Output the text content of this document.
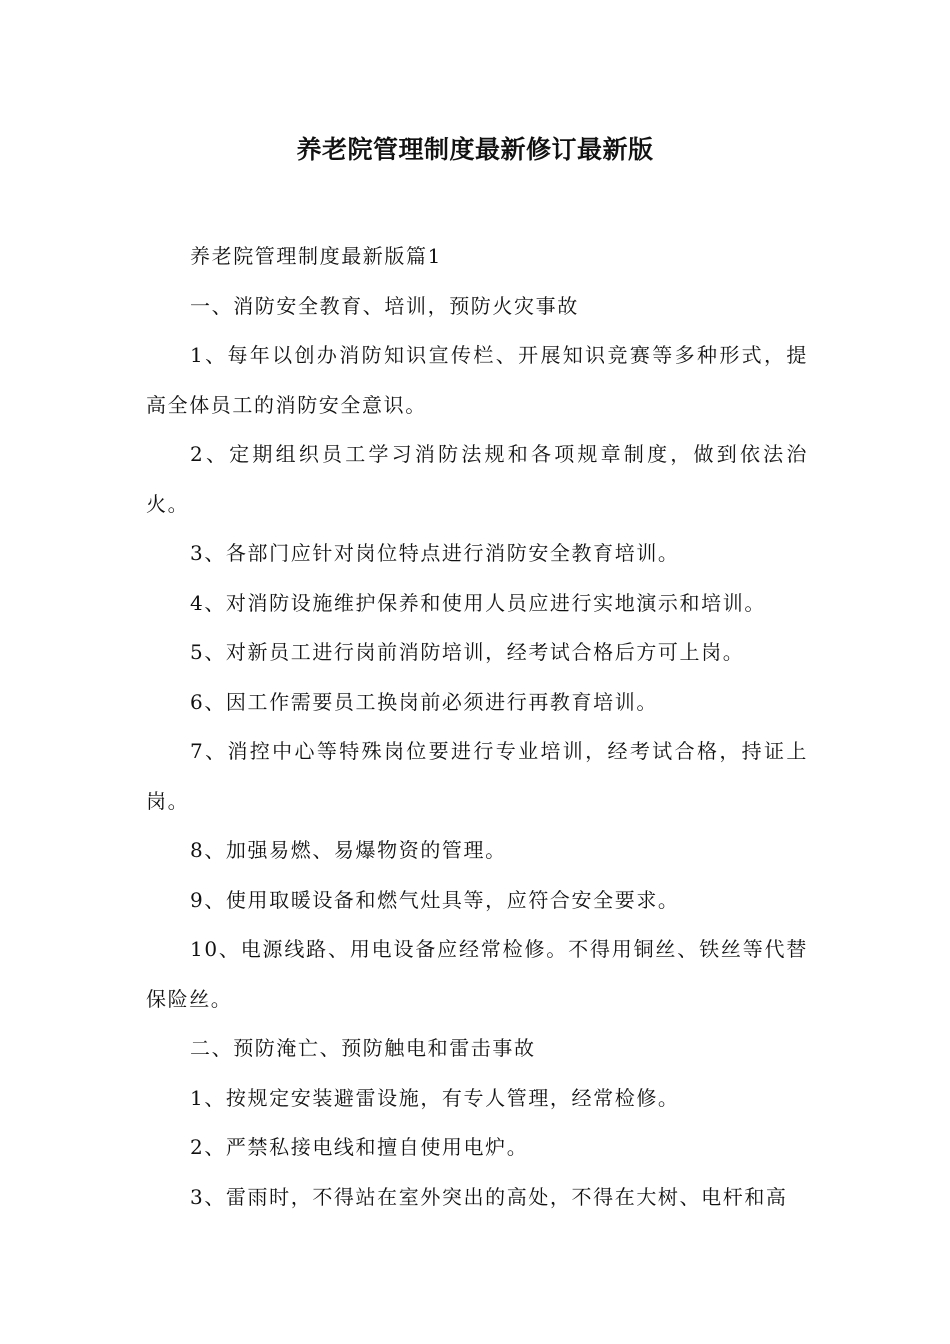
养老院管理制度最新修订最新版

养老院管理制度最新版篇1

一、消防安全教育、培训，预防火灾事故

1、每年以创办消防知识宣传栏、开展知识竞赛等多种形式，提高全体员工的消防安全意识。

2、定期组织员工学习消防法规和各项规章制度，做到依法治火。

3、各部门应针对岗位特点进行消防安全教育培训。

4、对消防设施维护保养和使用人员应进行实地演示和培训。

5、对新员工进行岗前消防培训，经考试合格后方可上岗。

6、因工作需要员工换岗前必须进行再教育培训。

7、消控中心等特殊岗位要进行专业培训，经考试合格，持证上岗。

8、加强易燃、易爆物资的管理。

9、使用取暖设备和燃气灶具等，应符合安全要求。

10、电源线路、用电设备应经常检修。不得用铜丝、铁丝等代替保险丝。

二、预防淹亡、预防触电和雷击事故

1、按规定安装避雷设施，有专人管理，经常检修。

2、严禁私接电线和擅自使用电炉。

3、雷雨时，不得站在室外突出的高处，不得在大树、电杆和高
